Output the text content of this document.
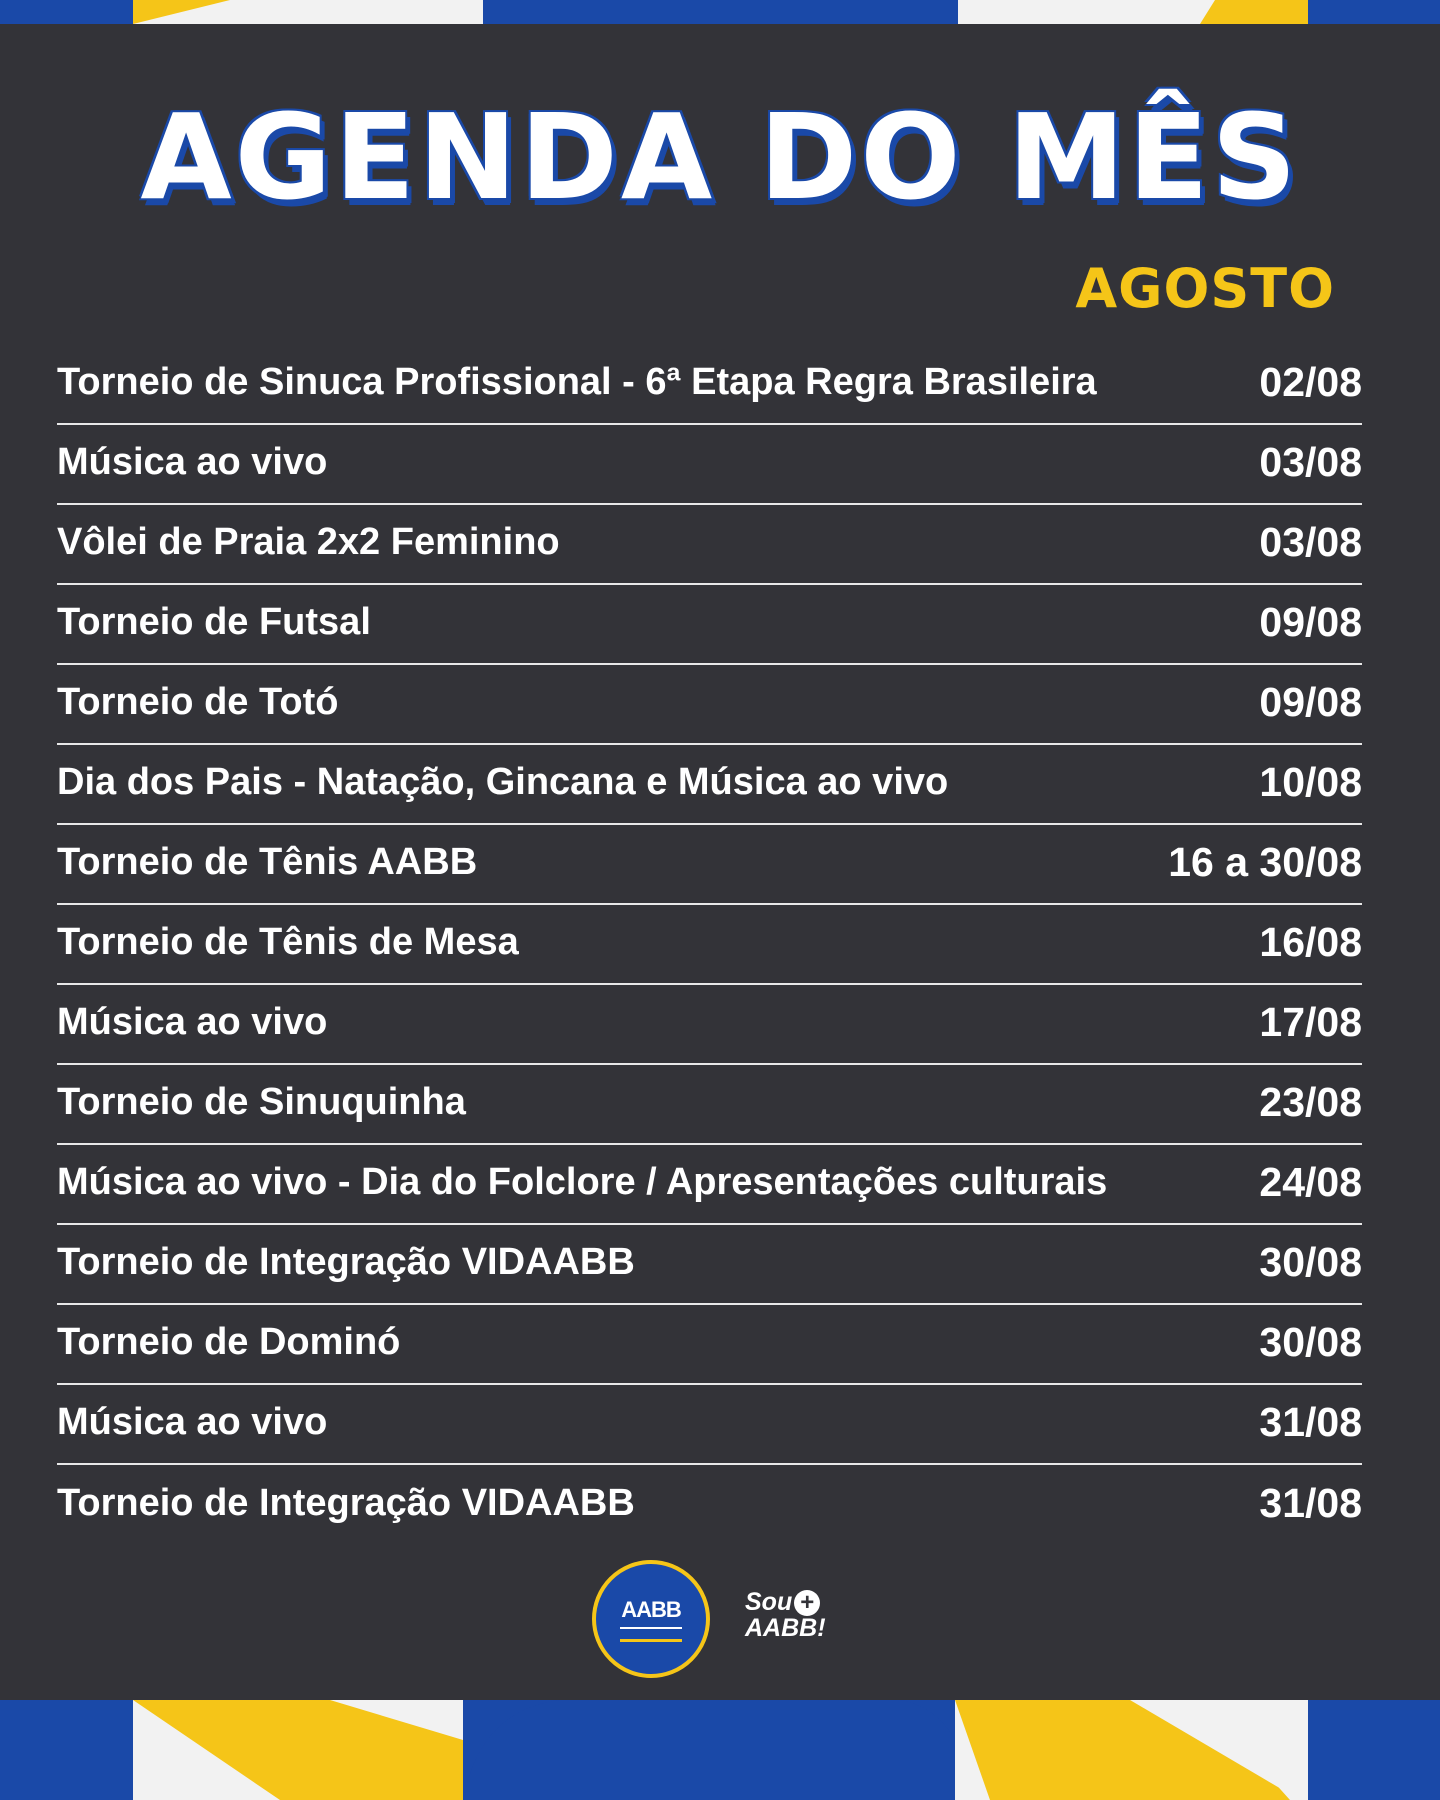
AGENDA DO MÊS
AGOSTO
Torneio de Sinuca Profissional - 6ª Etapa Regra Brasileira	02/08
Música ao vivo	03/08
Vôlei de Praia 2x2 Feminino	03/08
Torneio de Futsal	09/08
Torneio de Totó	09/08
Dia dos Pais - Natação, Gincana e Música ao vivo	10/08
Torneio de Tênis AABB	16 a 30/08
Torneio de Tênis de Mesa	16/08
Música ao vivo	17/08
Torneio de Sinuquinha	23/08
Música ao vivo - Dia do Folclore / Apresentações culturais	24/08
Torneio de Integração VIDAABB	30/08
Torneio de Dominó	30/08
Música ao vivo	31/08
Torneio de Integração VIDAABB	31/08
AABB	Sou +
AABB!
